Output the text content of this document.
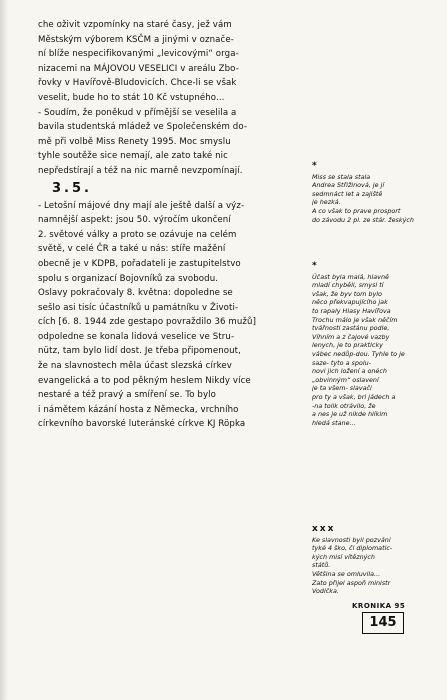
che oživit vzpomínky na staré časy, jež vám
Městským výborem KSČM a jinými v označe-
ní blíže nespecifikovanými „levicovými“ orga-
nizacemi na MÁJOVOU VESELICI v areálu Zbo-
řovky v Havířově-Bludovicích. Chce-li se však
veselit, bude ho to stát 10 Kč vstupného...
- Soudím, že poněkud v přímější se veselila a
bavila studentská mládež ve Společenském do-
mě při volbě Miss Renety 1995. Moc smyslu
tyhle soutěže sice nemají, ale zato také nic
nepředstírají a též na nic marně nevzpomínají.
3.5.
- Letošní májové dny mají ale ještě další a výz-
namnější aspekt: jsou 50. výročím ukončení
2. světové války a proto se ozávuje na celém
světě, v celé ČR a také u nás: stíře mažění
obecně je v KDPB, pořadateli je zastupitelstvo
spolu s organizací Bojovníků za svobodu.
Oslavy pokračovaly 8. května: dopoledne se
sešlo asi tisíc účastníků u památníku v Životi-
cích [6. 8. 1944 zde gestapo povraždilo 36 mužů]
odpoledne se konala lidová veselice ve Stru-
nütz, tam bylo lidí dost. Je třeba připomenout,
že na slavnostech měla účast slezská církev
evangelická a to pod pěkným heslem Nikdy více
nestaré a též pravý a smíření se. To bylo
i námětem kázání hosta z Německa, vrchního
církevního bavorské luteránské církve KJ Röpka
*
Miss se stala stala
Andrea Střižinová, je jí
sedmnáct let a zajiště
je hezká.
A co však to prave prosport
do závodu 2 pl. ze stár. žeských
*
Účast byla malá, hlavně
mladí chyběli, smysl tí
však, že byv tom bylo
něco překvapujícího jak
to rapaly Hlasy Havířova
Trochu málo je však něčím
tvářnosti zastánu podle,
Víhním a z čajové vazby
lenych, je to prakticky
vábec nedůp-dou. Tyhle to je
saze- tyto a spolu-
novi jich ložení a onéch
„obvinným“ oslavení
je ta všem- slavači
pro ty a však, bri jádech a
-na tolik otrávilo, že
a nes je už nikde hlíkim
hledá stane...
xxx
Ke slavnosti byli pozváni
tyké 4 ško, či diplomatic-
kých misí vítězných
států.
Většina se omluvila...
Zato přijel aspoň ministr
Vodička.
KRONIKA 95
145
